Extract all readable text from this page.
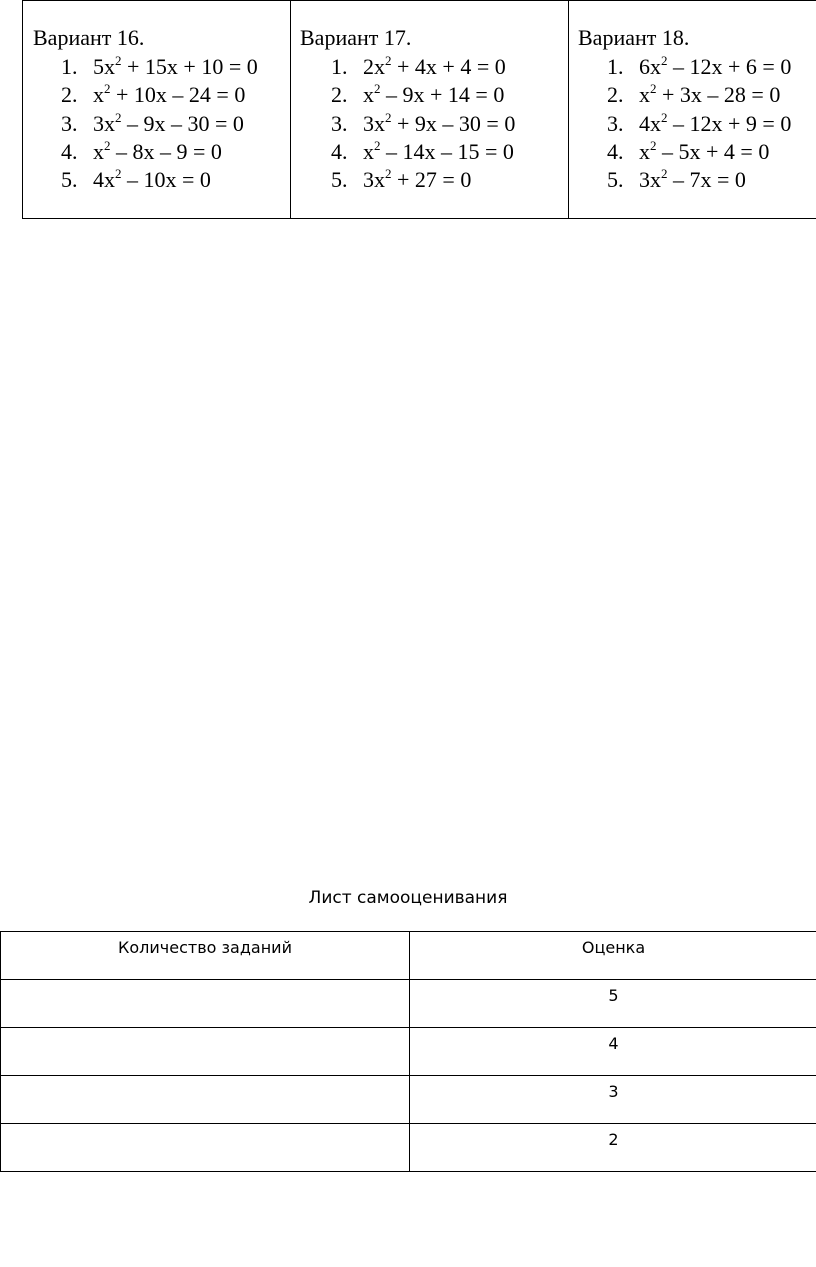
Вариант 16.
1. $5x^2 + 15x + 10 = 0$
2. $x^2 + 10x - 24 = 0$
3. $3x^2 - 9x - 30 = 0$
4. $x^2 - 8x - 9 = 0$
5. $4x^2 - 10x = 0$

Вариант 17.
1. $2x^2 + 4x + 4 = 0$
2. $x^2 - 9x + 14 = 0$
3. $3x^2 + 9x - 30 = 0$
4. $x^2 - 14x - 15 = 0$
5. $3x^2 + 27 = 0$

Вариант 18.
1. $6x^2 - 12x + 6 = 0$
2. $x^2 + 3x - 28 = 0$
3. $4x^2 - 12x + 9 = 0$
4. $x^2 - 5x + 4 = 0$
5. $3x^2 - 7x = 0$
Лист самооценивания
Количество заданий	Оценка

	5

	4

	3

	2
